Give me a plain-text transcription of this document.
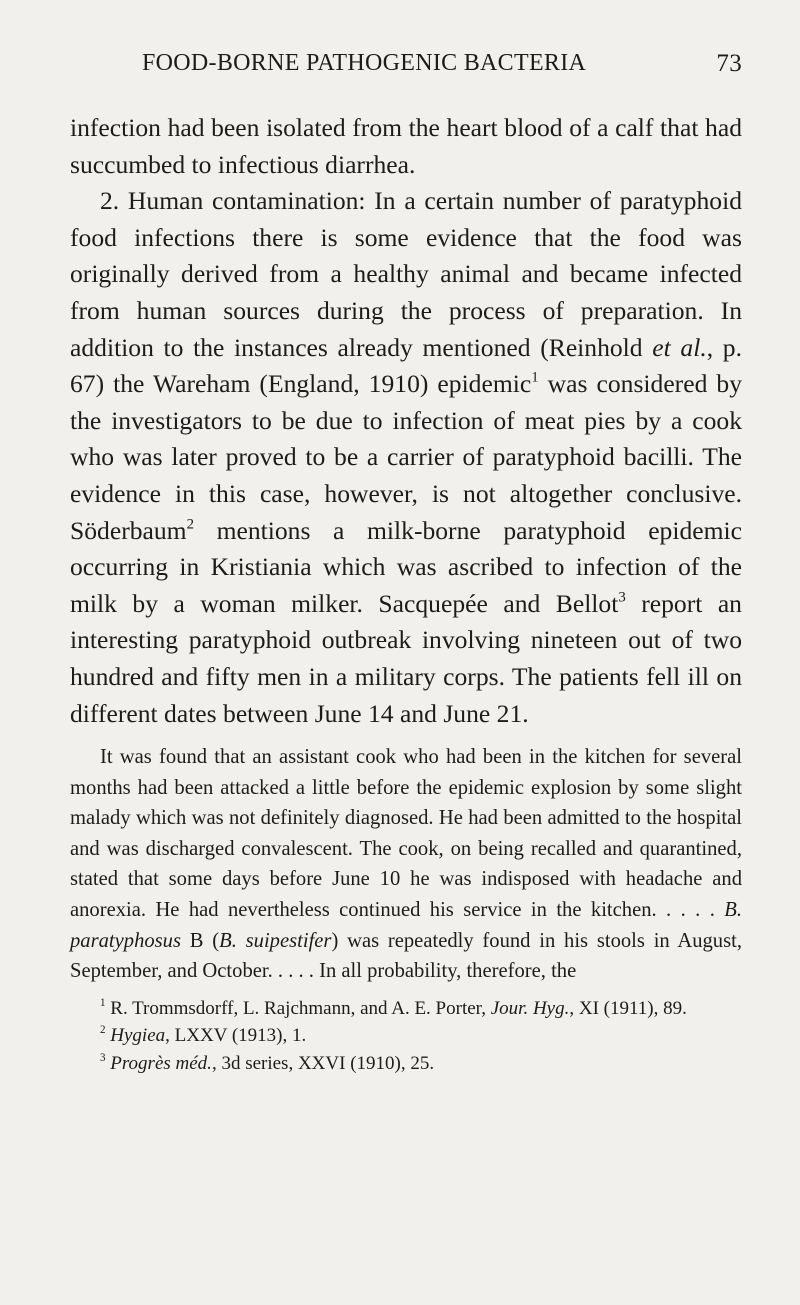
FOOD-BORNE PATHOGENIC BACTERIA	73

infection had been isolated from the heart blood of a calf that had succumbed to infectious diarrhea.

2. Human contamination: In a certain number of paratyphoid food infections there is some evidence that the food was originally derived from a healthy animal and became infected from human sources during the process of preparation. In addition to the instances already mentioned (Reinhold et al., p. 67) the Wareham (England, 1910) epidemic$^1$ was considered by the investigators to be due to infection of meat pies by a cook who was later proved to be a carrier of paratyphoid bacilli. The evidence in this case, however, is not altogether conclusive. Söderbaum$^2$ mentions a milk-borne paratyphoid epidemic occurring in Kristiania which was ascribed to infection of the milk by a woman milker. Sacquepée and Bellot$^3$ report an interesting paratyphoid outbreak involving nineteen out of two hundred and fifty men in a military corps. The patients fell ill on different dates between June 14 and June 21.

It was found that an assistant cook who had been in the kitchen for several months had been attacked a little before the epidemic explosion by some slight malady which was not definitely diagnosed. He had been admitted to the hospital and was discharged convalescent. The cook, on being recalled and quarantined, stated that some days before June 10 he was indisposed with headache and anorexia. He had nevertheless continued his service in the kitchen. . . . . B. paratyphosus B (B. suipestifer) was repeatedly found in his stools in August, September, and October. . . . . In all probability, therefore, the

$^1$ R. Trommsdorff, L. Rajchmann, and A. E. Porter, Jour. Hyg., XI (1911), 89.

$^2$ Hygiea, LXXV (1913), 1.

$^3$ Progrès méd., 3d series, XXVI (1910), 25.
